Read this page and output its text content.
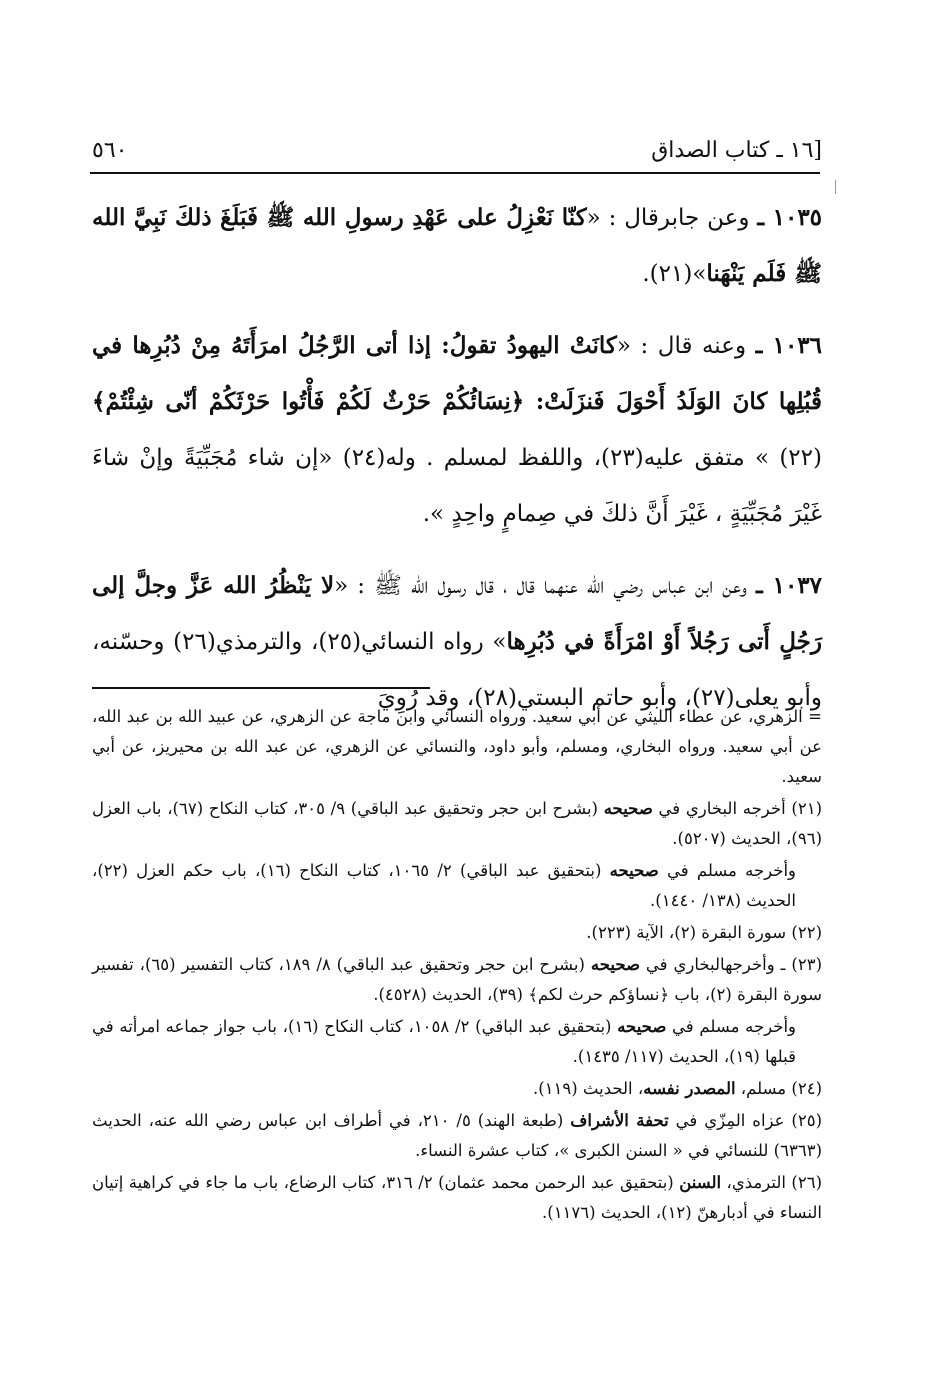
[١٦ ـ كتاب الصداق
٥٦٠

١٠٣٥ ـ وعن جابرقال : «كنّا نَعْزِلُ على عَهْدِ رسولِ الله ﷺ فَبَلَغَ ذلكَ نَبِيَّ الله ﷺ فَلَم يَنْهَنا»(٢١).

١٠٣٦ ـ وعنه قال : «كانَتْ اليهودُ تقولُ: إذا أتى الرَّجُلُ امرَأَتَهُ مِنْ دُبُرِها في قُبُلِها كانَ الوَلَدُ أَحْوَلَ فَنزَلَتْ: ﴿نِسَائُكُمْ حَرْثٌ لَكُمْ فَأْتُوا حَرْثَكُمْ أنّى شِئْتُمْ﴾(٢٢) » متفق عليه(٢٣)، واللفظ لمسلم . وله(٢٤) «إن شاء مُجَبِّيَةً وإنْ شاءَ غَيْرَ مُجَبِّيَةٍ ، غَيْرَ أَنَّ ذلكَ في صِمامٍ واحِدٍ ».

١٠٣٧ ـ وعن ابن عباس رضي الله عنهما قال ، قال رسول الله ﷺ : «لا يَنْظُرُ الله عَزَّ وجلَّ إلى رَجُلٍ أَتى رَجُلاً أَوْ امْرَأَةً في دُبُرِها» رواه النسائي(٢٥)، والترمذي(٢٦) وحسّنه، وأبو يعلى(٢٧)، وأبو حاتم البستي(٢٨)، وقد رُوِيَ

= الزهري، عن عطاء الليثي عن أبي سعيد. ورواه النسائي وابن ماجة عن الزهري، عن عبيد الله بن عبد الله، عن أبي سعيد. ورواه البخاري، ومسلم، وأبو داود، والنسائي عن الزهري، عن عبد الله بن محيريز، عن أبي سعيد.

(٢١) أخرجه البخاري في صحيحه (بشرح ابن حجر وتحقيق عبد الباقي) ٩/ ٣٠٥، كتاب النكاح (٦٧)، باب العزل (٩٦)، الحديث (٥٢٠٧).

وأخرجه مسلم في صحيحه (بتحقيق عبد الباقي) ٢/ ١٠٦٥، كتاب النكاح (١٦)، باب حكم العزل (٢٢)، الحديث (١٣٨/ ١٤٤٠).

(٢٢) سورة البقرة (٢)، الآية (٢٢٣).

(٢٣) ـ وأخرجهالبخاري في صحيحه (بشرح ابن حجر وتحقيق عبد الباقي) ٨/ ١٨٩، كتاب التفسير (٦٥)، تفسير سورة البقرة (٢)، باب ﴿نساؤكم حرث لكم﴾ (٣٩)، الحديث (٤٥٢٨).

وأخرجه مسلم في صحيحه (بتحقيق عبد الباقي) ٢/ ١٠٥٨، كتاب النكاح (١٦)، باب جواز جماعه امرأته في قبلها (١٩)، الحديث (١١٧/ ١٤٣٥).

(٢٤) مسلم، المصدر نفسه، الحديث (١١٩).

(٢٥) عزاه المِزّي في تحفة الأشراف (طبعة الهند) ٥/ ٢١٠، في أطراف ابن عباس رضي الله عنه، الحديث (٦٣٦٣) للنسائي في « السنن الكبرى »، كتاب عشرة النساء.

(٢٦) الترمذي، السنن (بتحقيق عبد الرحمن محمد عثمان) ٢/ ٣١٦، كتاب الرضاع، باب ما جاء في كراهية إتيان النساء في أدبارهنّ (١٢)، الحديث (١١٧٦).
